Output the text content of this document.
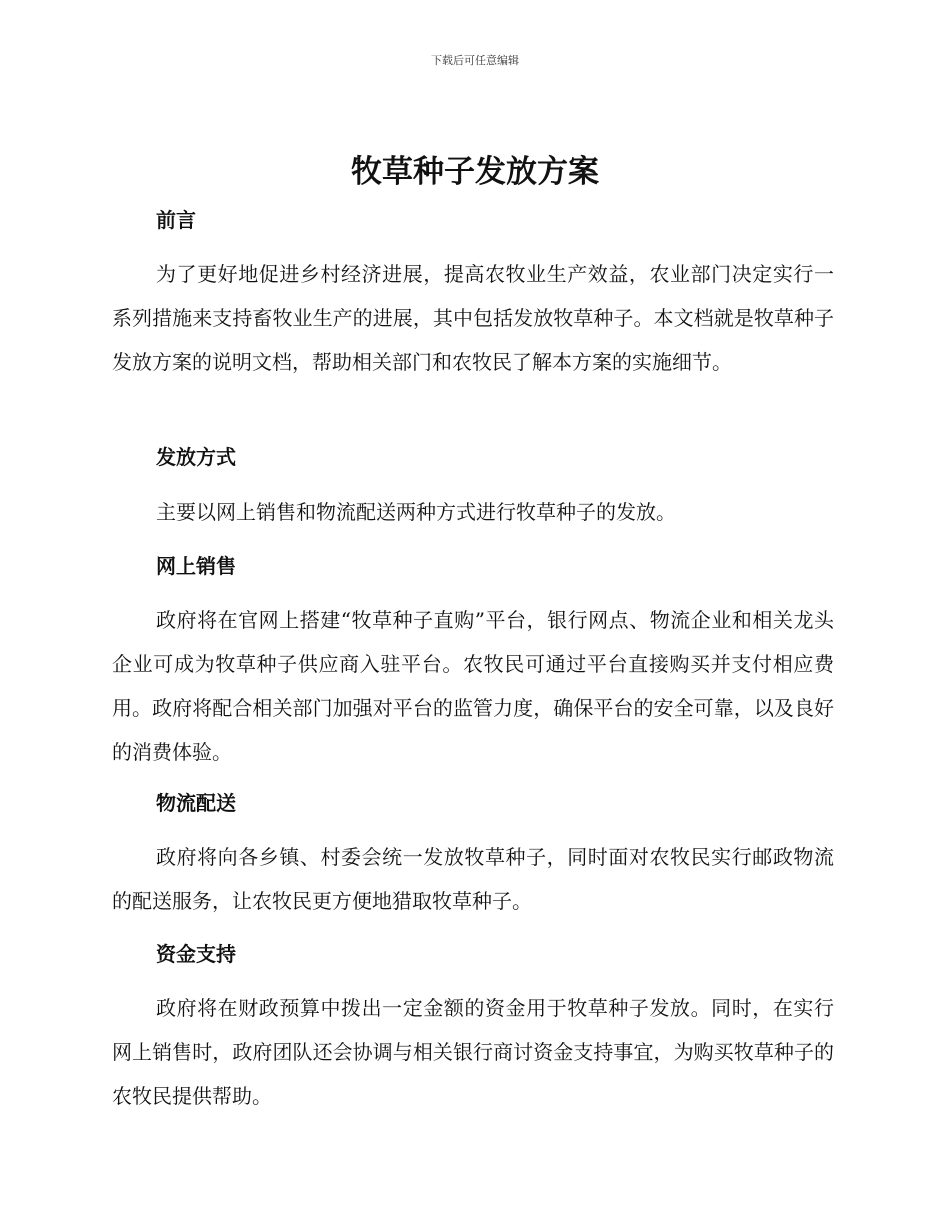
下载后可任意编辑
牧草种子发放方案
前言

为了更好地促进乡村经济进展，提高农牧业生产效益，农业部门决定实行一系列措施来支持畜牧业生产的进展，其中包括发放牧草种子。本文档就是牧草种子发放方案的说明文档，帮助相关部门和农牧民了解本方案的实施细节。

发放方式

主要以网上销售和物流配送两种方式进行牧草种子的发放。

网上销售

政府将在官网上搭建“牧草种子直购”平台，银行网点、物流企业和相关龙头企业可成为牧草种子供应商入驻平台。农牧民可通过平台直接购买并支付相应费用。政府将配合相关部门加强对平台的监管力度，确保平台的安全可靠，以及良好的消费体验。

物流配送

政府将向各乡镇、村委会统一发放牧草种子，同时面对农牧民实行邮政物流的配送服务，让农牧民更方便地猎取牧草种子。

资金支持

政府将在财政预算中拨出一定金额的资金用于牧草种子发放。同时，在实行网上销售时，政府团队还会协调与相关银行商讨资金支持事宜，为购买牧草种子的农牧民提供帮助。
